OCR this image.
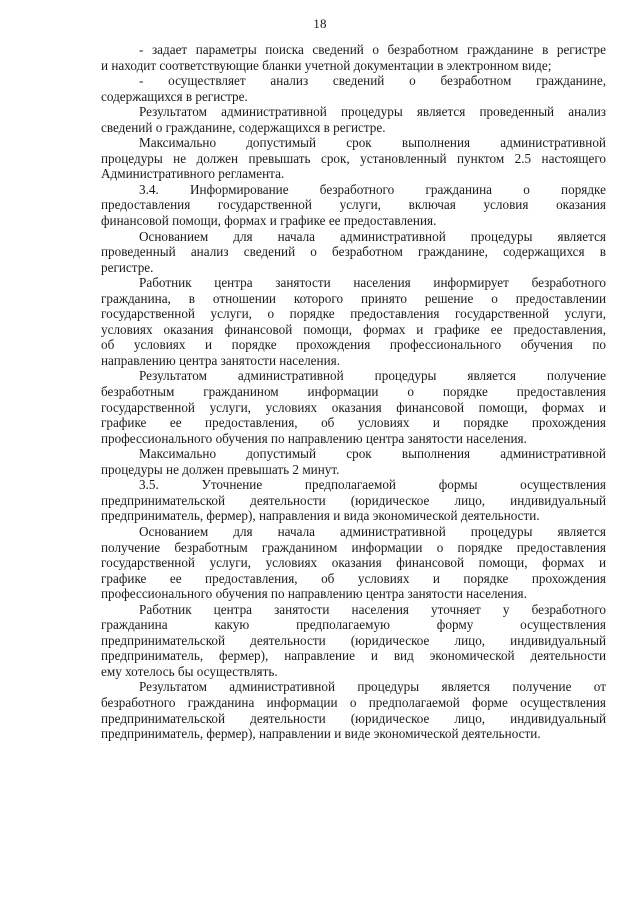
18
- задает параметры поиска сведений о безработном гражданине в регистре
и находит соответствующие бланки учетной документации в электронном виде;
- осуществляет анализ сведений о безработном гражданине,
содержащихся в регистре.
Результатом административной процедуры является проведенный анализ
сведений о гражданине, содержащихся в регистре.
Максимально допустимый срок выполнения административной
процедуры не должен превышать срок, установленный пунктом 2.5 настоящего
Административного регламента.
3.4. Информирование безработного гражданина о порядке
предоставления государственной услуги, включая условия оказания
финансовой помощи, формах и графике ее предоставления.
Основанием для начала административной процедуры является
проведенный анализ сведений о безработном гражданине, содержащихся в
регистре.
Работник центра занятости населения информирует безработного
гражданина, в отношении которого принято решение о предоставлении
государственной услуги, о порядке предоставления государственной услуги,
условиях оказания финансовой помощи, формах и графике ее предоставления,
об условиях и порядке прохождения профессионального обучения по
направлению центра занятости населения.
Результатом административной процедуры является получение
безработным гражданином информации о порядке предоставления
государственной услуги, условиях оказания финансовой помощи, формах и
графике ее предоставления, об условиях и порядке прохождения
профессионального обучения по направлению центра занятости населения.
Максимально допустимый срок выполнения административной
процедуры не должен превышать 2 минут.
3.5. Уточнение предполагаемой формы осуществления
предпринимательской деятельности (юридическое лицо, индивидуальный
предприниматель, фермер), направления и вида экономической деятельности.
Основанием для начала административной процедуры является
получение безработным гражданином информации о порядке предоставления
государственной услуги, условиях оказания финансовой помощи, формах и
графике ее предоставления, об условиях и порядке прохождения
профессионального обучения по направлению центра занятости населения.
Работник центра занятости населения уточняет у безработного
гражданина какую предполагаемую форму осуществления
предпринимательской деятельности (юридическое лицо, индивидуальный
предприниматель, фермер), направление и вид экономической деятельности
ему хотелось бы осуществлять.
Результатом административной процедуры является получение от
безработного гражданина информации о предполагаемой форме осуществления
предпринимательской деятельности (юридическое лицо, индивидуальный
предприниматель, фермер), направлении и виде экономической деятельности.
